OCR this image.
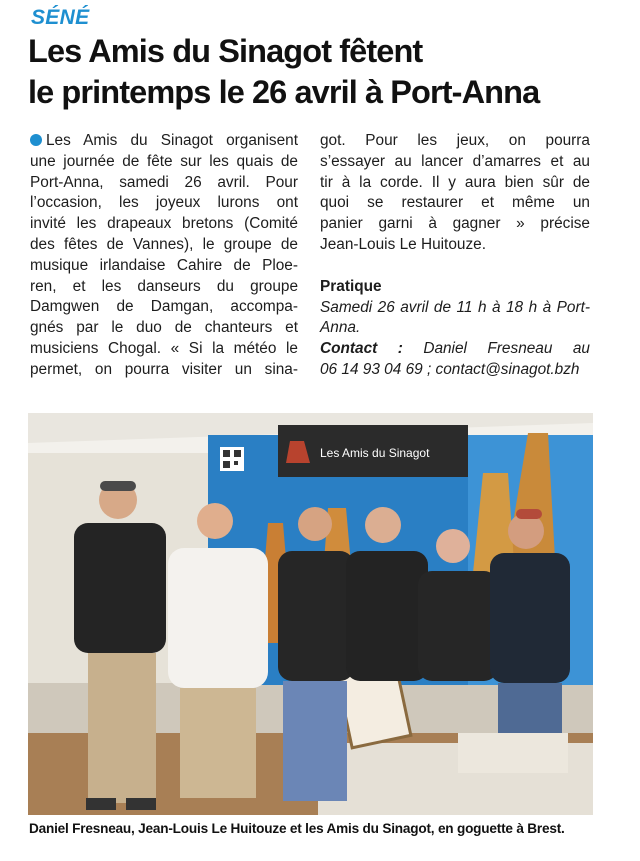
SÉNÉ
Les Amis du Sinagot fêtent
le printemps le 26 avril à Port-Anna
Les Amis du Sinagot organisent
une journée de fête sur les quais de
Port-Anna, samedi 26 avril. Pour
l’occasion, les joyeux lurons ont
invité les drapeaux bretons (Comité
des fêtes de Vannes), le groupe de
musique irlandaise Cahire de Ploe-
ren, et les danseurs du groupe
Damgwen de Damgan, accompa-
gnés par le duo de chanteurs et
musiciens Chogal. « Si la météo le
permet, on pourra visiter un sina-
got. Pour les jeux, on pourra
s’essayer au lancer d’amarres et au
tir à la corde. Il y aura bien sûr de
quoi se restaurer et même un
panier garni à gagner » précise
Jean-Louis Le Huitouze.
Pratique
Samedi 26 avril de 11 h à 18 h à Port-
Anna.
Contact : Daniel Fresneau au
06 14 93 04 69 ; contact@sinagot.bzh
Les Amis du Sinagot
Daniel Fresneau, Jean-Louis Le Huitouze et les Amis du Sinagot, en goguette à Brest.
